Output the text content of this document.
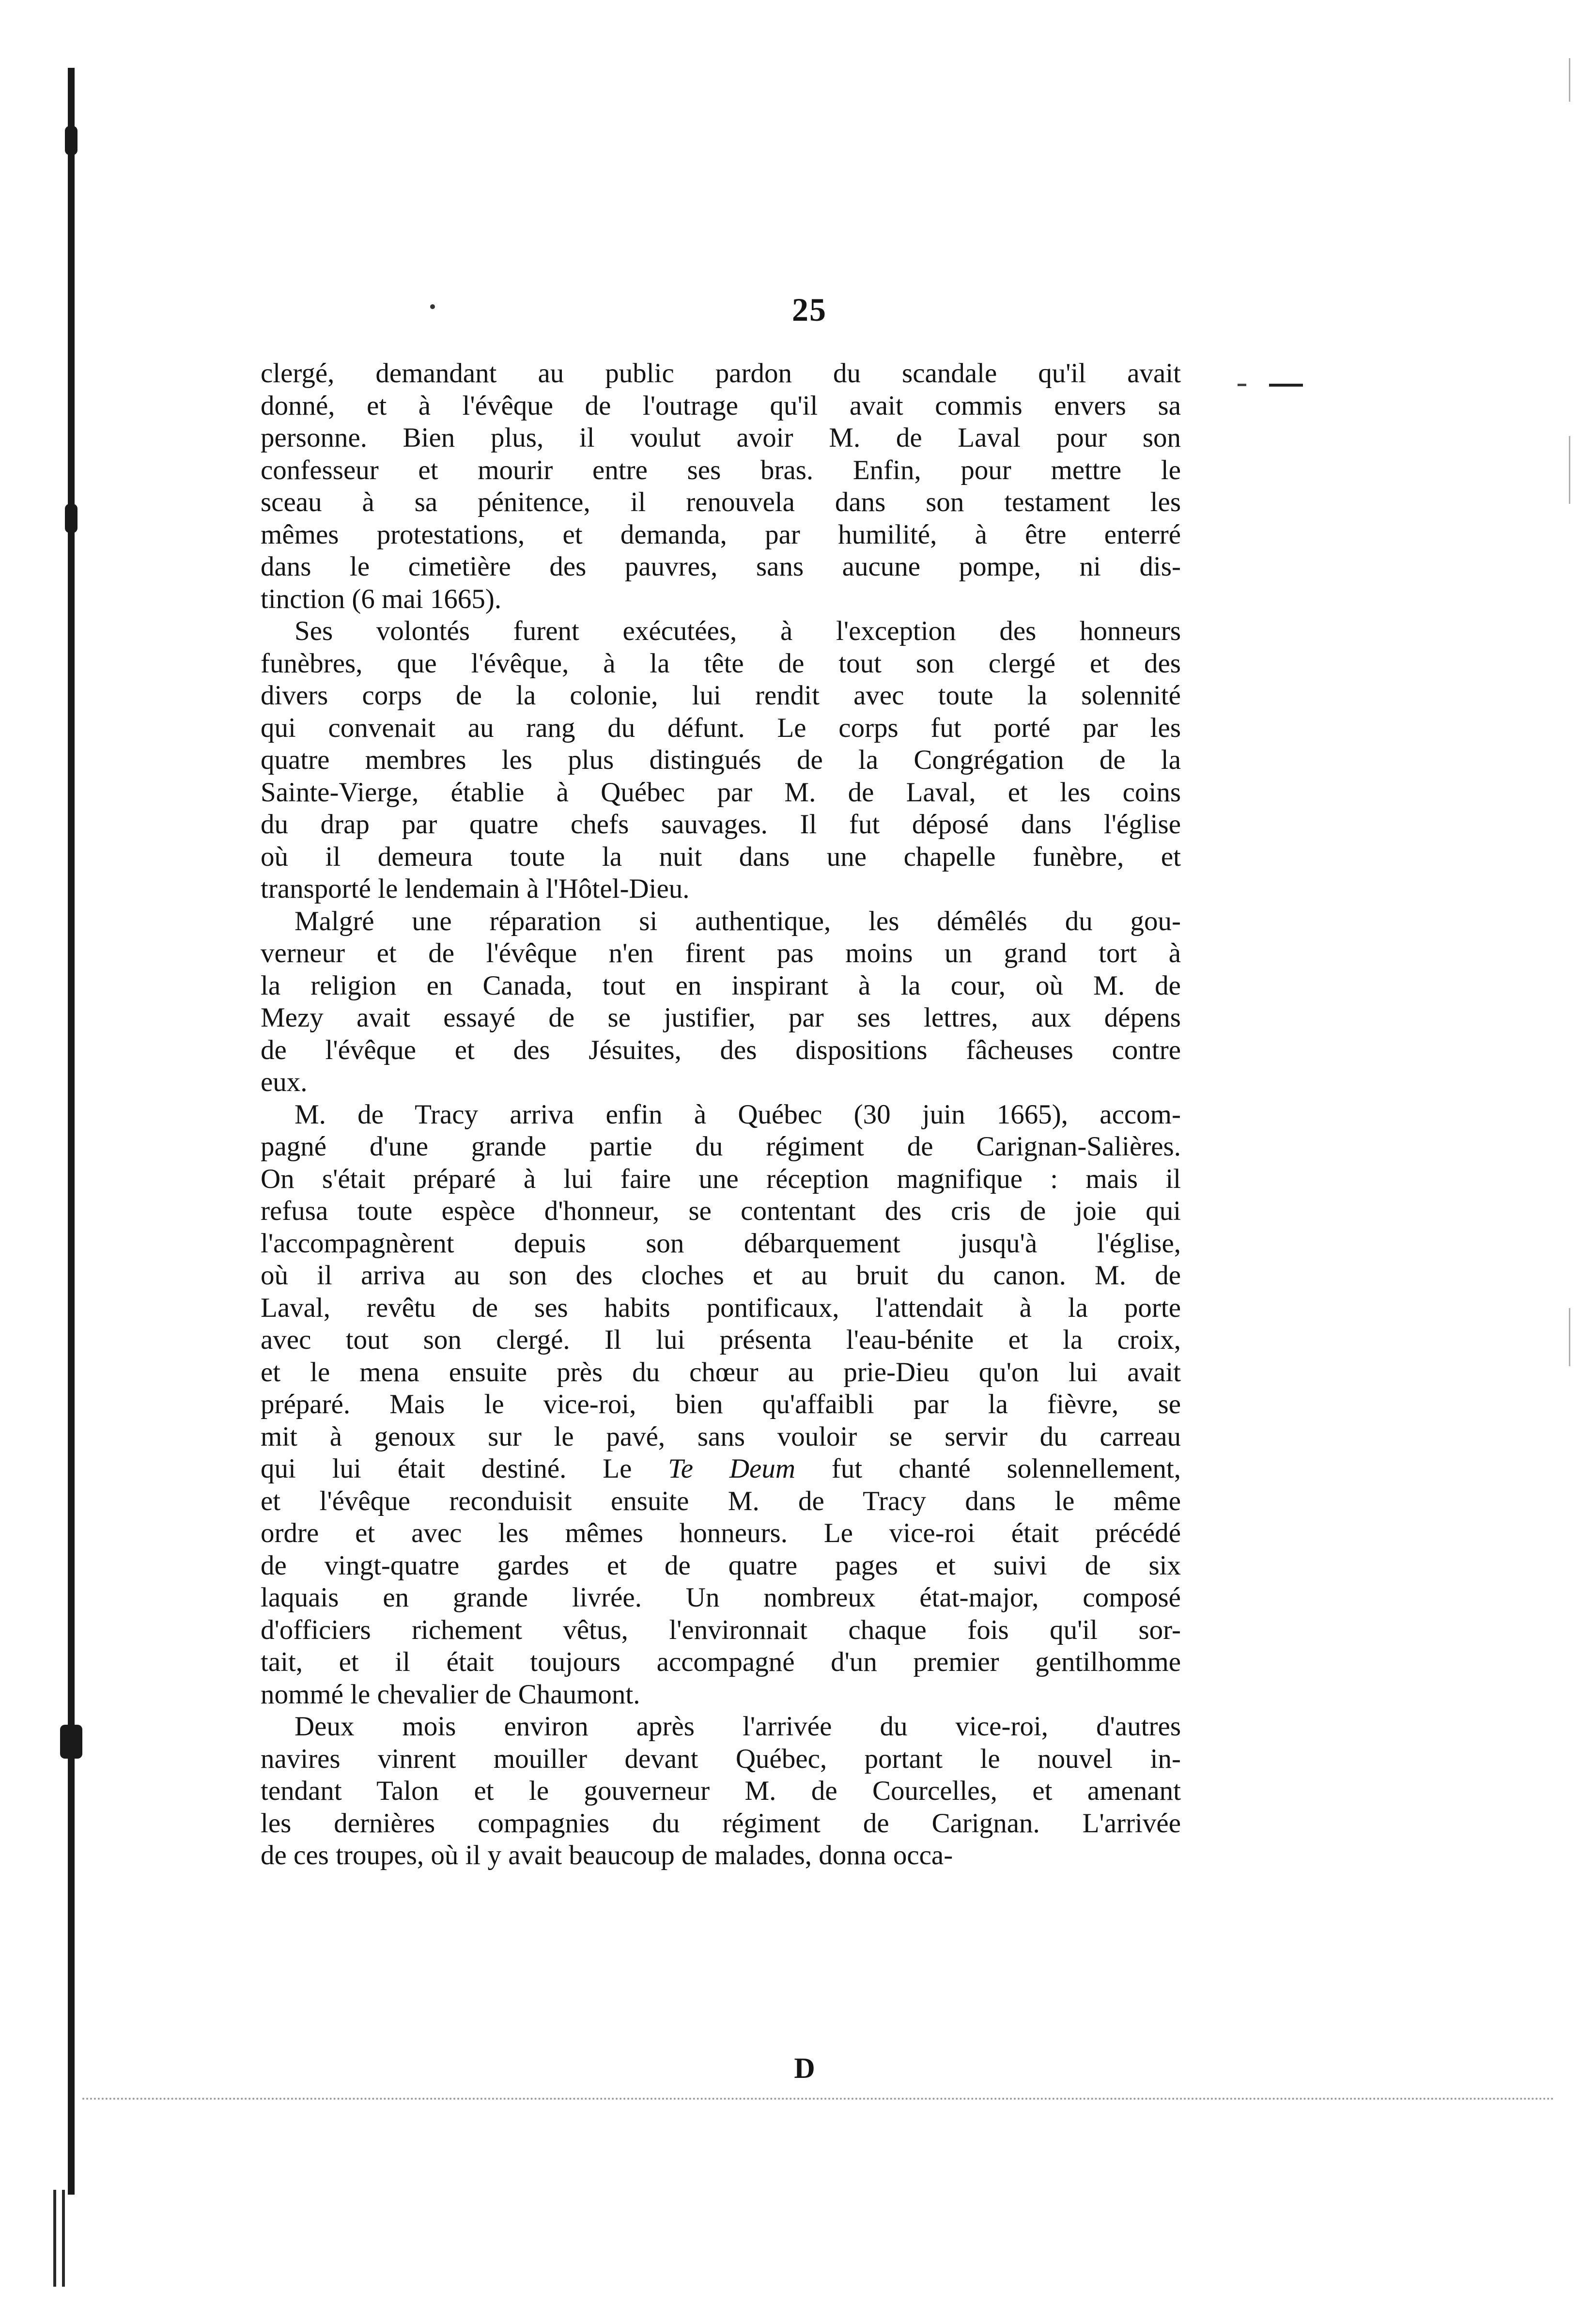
25
clergé, demandant au public pardon du scandale qu'il avait
donné, et à l'évêque de l'outrage qu'il avait commis envers sa
personne. Bien plus, il voulut avoir M. de Laval pour son
confesseur et mourir entre ses bras. Enfin, pour mettre le
sceau à sa pénitence, il renouvela dans son testament les
mêmes protestations, et demanda, par humilité, à être enterré
dans le cimetière des pauvres, sans aucune pompe, ni dis-
tinction (6 mai 1665).
Ses volontés furent exécutées, à l'exception des honneurs
funèbres, que l'évêque, à la tête de tout son clergé et des
divers corps de la colonie, lui rendit avec toute la solennité
qui convenait au rang du défunt. Le corps fut porté par les
quatre membres les plus distingués de la Congrégation de la
Sainte-Vierge, établie à Québec par M. de Laval, et les coins
du drap par quatre chefs sauvages. Il fut déposé dans l'église
où il demeura toute la nuit dans une chapelle funèbre, et
transporté le lendemain à l'Hôtel-Dieu.
Malgré une réparation si authentique, les démêlés du gou-
verneur et de l'évêque n'en firent pas moins un grand tort à
la religion en Canada, tout en inspirant à la cour, où M. de
Mezy avait essayé de se justifier, par ses lettres, aux dépens
de l'évêque et des Jésuites, des dispositions fâcheuses contre
eux.
M. de Tracy arriva enfin à Québec (30 juin 1665), accom-
pagné d'une grande partie du régiment de Carignan-Salières.
On s'était préparé à lui faire une réception magnifique : mais il
refusa toute espèce d'honneur, se contentant des cris de joie qui
l'accompagnèrent depuis son débarquement jusqu'à l'église,
où il arriva au son des cloches et au bruit du canon. M. de
Laval, revêtu de ses habits pontificaux, l'attendait à la porte
avec tout son clergé. Il lui présenta l'eau-bénite et la croix,
et le mena ensuite près du chœur au prie-Dieu qu'on lui avait
préparé. Mais le vice-roi, bien qu'affaibli par la fièvre, se
mit à genoux sur le pavé, sans vouloir se servir du carreau
qui lui était destiné. Le Te Deum fut chanté solennellement,
et l'évêque reconduisit ensuite M. de Tracy dans le même
ordre et avec les mêmes honneurs. Le vice-roi était précédé
de vingt-quatre gardes et de quatre pages et suivi de six
laquais en grande livrée. Un nombreux état-major, composé
d'officiers richement vêtus, l'environnait chaque fois qu'il sor-
tait, et il était toujours accompagné d'un premier gentilhomme
nommé le chevalier de Chaumont.
Deux mois environ après l'arrivée du vice-roi, d'autres
navires vinrent mouiller devant Québec, portant le nouvel in-
tendant Talon et le gouverneur M. de Courcelles, et amenant
les dernières compagnies du régiment de Carignan. L'arrivée
de ces troupes, où il y avait beaucoup de malades, donna occa-
D
